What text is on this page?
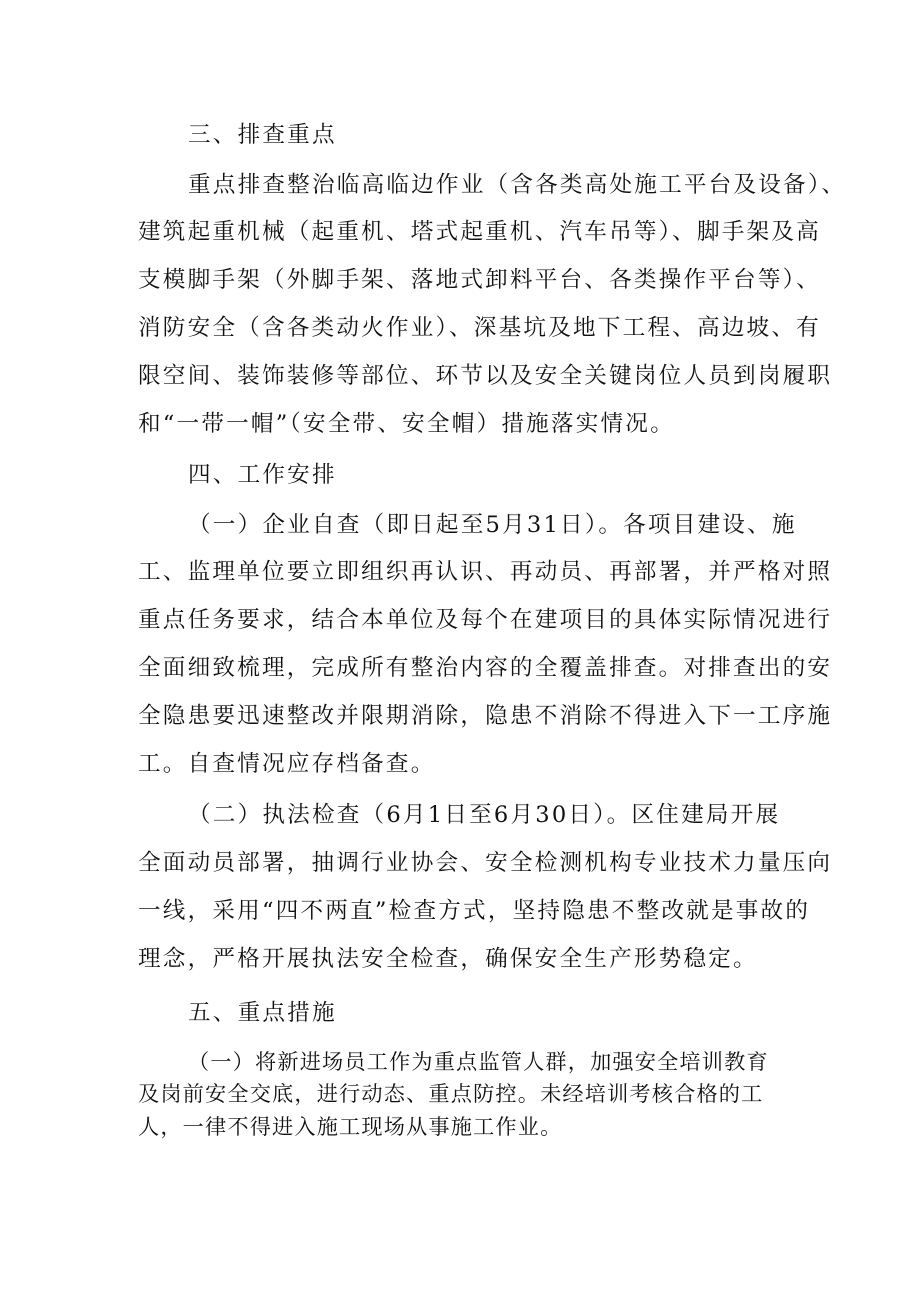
三、排查重点

重点排查整治临高临边作业（含各类高处施工平台及设备）、

建筑起重机械（起重机、塔式起重机、汽车吊等）、脚手架及高

支模脚手架（外脚手架、落地式卸料平台、各类操作平台等）、

消防安全（含各类动火作业）、深基坑及地下工程、高边坡、有

限空间、装饰装修等部位、环节以及安全关键岗位人员到岗履职

和“一带一帽”（安全带、安全帽）措施落实情况。

四、工作安排

（一）企业自查（即日起至5月31日）。各项目建设、施

工、监理单位要立即组织再认识、再动员、再部署，并严格对照

重点任务要求，结合本单位及每个在建项目的具体实际情况进行

全面细致梳理，完成所有整治内容的全覆盖排查。对排查出的安

全隐患要迅速整改并限期消除，隐患不消除不得进入下一工序施

工。自查情况应存档备查。

（二）执法检查（6月1日至6月30日）。区住建局开展

全面动员部署，抽调行业协会、安全检测机构专业技术力量压向

一线，采用“四不两直”检查方式，坚持隐患不整改就是事故的

理念，严格开展执法安全检查，确保安全生产形势稳定。

五、重点措施

（一）将新进场员工作为重点监管人群，加强安全培训教育

及岗前安全交底，进行动态、重点防控。未经培训考核合格的工

人，一律不得进入施工现场从事施工作业。
